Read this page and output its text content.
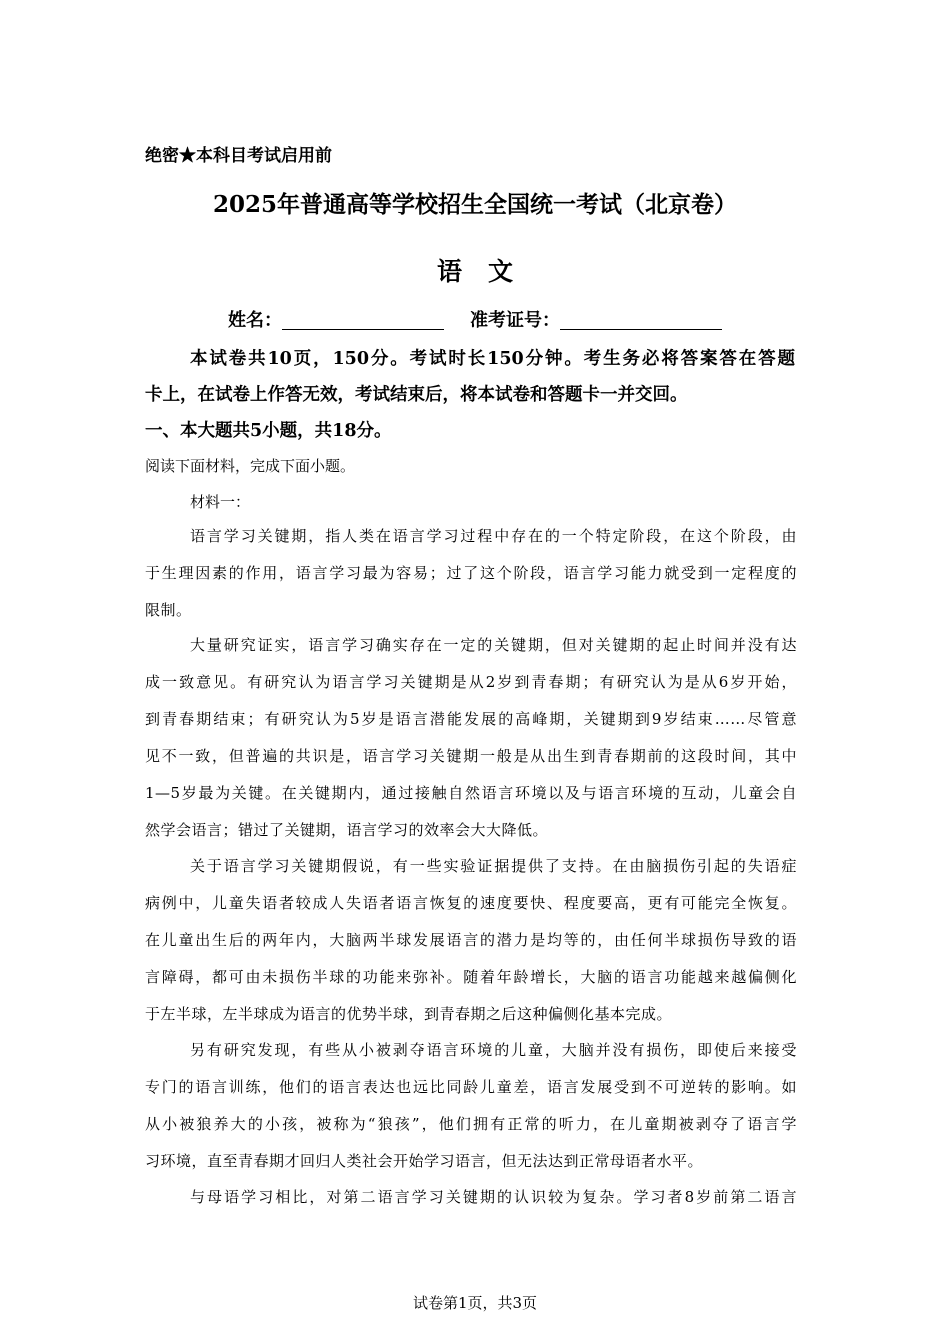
绝密★本科目考试启用前
2025年普通高等学校招生全国统一考试（北京卷）
语文
姓名：	准考证号：
本试卷共10页，150分。考试时长150分钟。考生务必将答案答在答题
卡上，在试卷上作答无效，考试结束后，将本试卷和答题卡一并交回。
一、本大题共5小题，共18分。
阅读下面材料，完成下面小题。
材料一：
语言学习关键期，指人类在语言学习过程中存在的一个特定阶段，在这个阶段，由
于生理因素的作用，语言学习最为容易；过了这个阶段，语言学习能力就受到一定程度的
限制。
大量研究证实，语言学习确实存在一定的关键期，但对关键期的起止时间并没有达
成一致意见。有研究认为语言学习关键期是从2岁到青春期；有研究认为是从6岁开始，
到青春期结束；有研究认为5岁是语言潜能发展的高峰期，关键期到9岁结束……尽管意
见不一致，但普遍的共识是，语言学习关键期一般是从出生到青春期前的这段时间，其中
1—5岁最为关键。在关键期内，通过接触自然语言环境以及与语言环境的互动，儿童会自
然学会语言；错过了关键期，语言学习的效率会大大降低。
关于语言学习关键期假说，有一些实验证据提供了支持。在由脑损伤引起的失语症
病例中，儿童失语者较成人失语者语言恢复的速度要快、程度要高，更有可能完全恢复。
在儿童出生后的两年内，大脑两半球发展语言的潜力是均等的，由任何半球损伤导致的语
言障碍，都可由未损伤半球的功能来弥补。随着年龄增长，大脑的语言功能越来越偏侧化
于左半球，左半球成为语言的优势半球，到青春期之后这种偏侧化基本完成。
另有研究发现，有些从小被剥夺语言环境的儿童，大脑并没有损伤，即使后来接受
专门的语言训练，他们的语言表达也远比同龄儿童差，语言发展受到不可逆转的影响。如
从小被狼养大的小孩，被称为“狼孩”，他们拥有正常的听力，在儿童期被剥夺了语言学
习环境，直至青春期才回归人类社会开始学习语言，但无法达到正常母语者水平。
与母语学习相比，对第二语言学习关键期的认识较为复杂。学习者8岁前第二语言
试卷第1页，共3页
